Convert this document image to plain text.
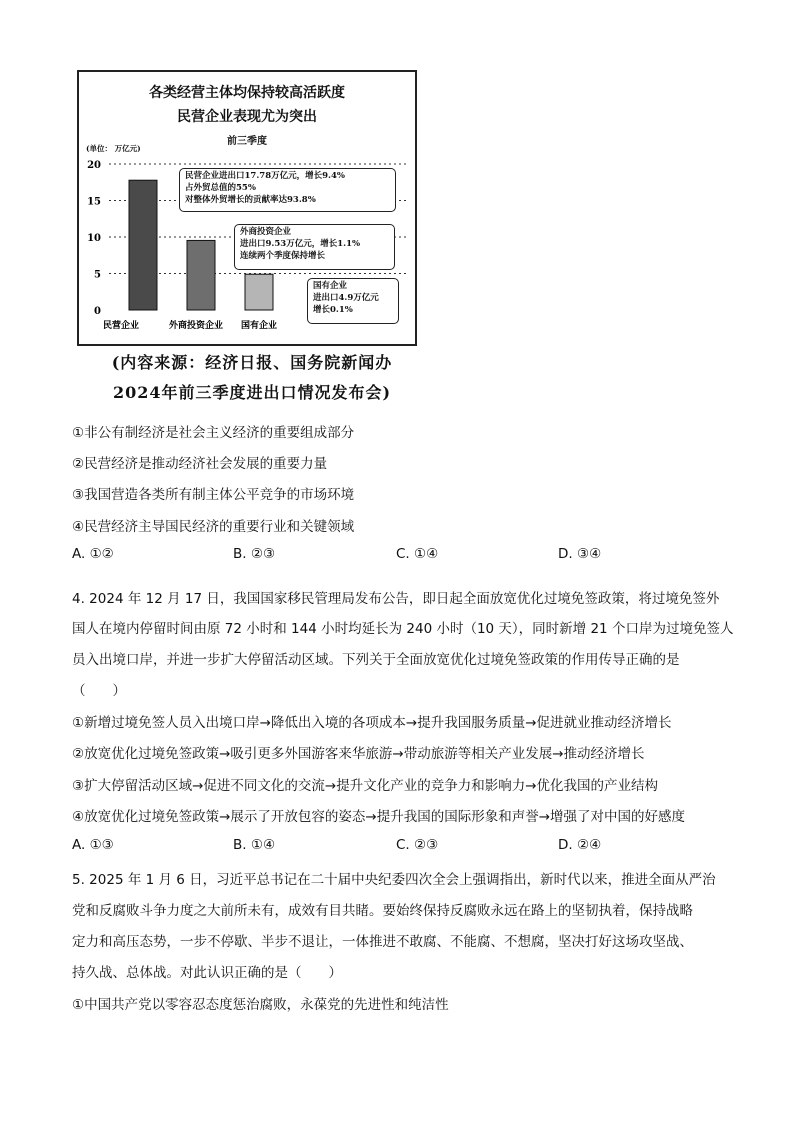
各类经营主体均保持较高活跃度
民营企业表现尤为突出
前三季度
(单位： 万亿元)
0
5
10
15
20
民营企业	外商投资企业 国有企业
民营企业进出口17.78万亿元，增长9.4%
占外贸总值的55%
对整体外贸增长的贡献率达93.8%
外商投资企业
进出口9.53万亿元，增长1.1%
连续两个季度保持增长
国有企业
进出口4.9万亿元
增长0.1%
(内容来源：经济日报、国务院新闻办
2024年前三季度进出口情况发布会)
①非公有制经济是社会主义经济的重要组成部分
②民营经济是推动经济社会发展的重要力量
③我国营造各类所有制主体公平竞争的市场环境
④民营经济主导国民经济的重要行业和关键领域
A. ①②	B. ②③	C. ①④	D. ③④
4. 2024 年 12 月 17 日，我国国家移民管理局发布公告，即日起全面放宽优化过境免签政策，将过境免签外
国人在境内停留时间由原 72 小时和 144 小时均延长为 240 小时（10 天），同时新增 21 个口岸为过境免签人
员入出境口岸，并进一步扩大停留活动区域。下列关于全面放宽优化过境免签政策的作用传导正确的是
（　　）
①新增过境免签人员入出境口岸→降低出入境的各项成本→提升我国服务质量→促进就业推动经济增长
②放宽优化过境免签政策→吸引更多外国游客来华旅游→带动旅游等相关产业发展→推动经济增长
③扩大停留活动区域→促进不同文化的交流→提升文化产业的竞争力和影响力→优化我国的产业结构
④放宽优化过境免签政策→展示了开放包容的姿态→提升我国的国际形象和声誉→增强了对中国的好感度
A. ①③	B. ①④	C. ②③	D. ②④
5. 2025 年 1 月 6 日，习近平总书记在二十届中央纪委四次全会上强调指出，新时代以来，推进全面从严治
党和反腐败斗争力度之大前所未有，成效有目共睹。要始终保持反腐败永远在路上的坚韧执着，保持战略
定力和高压态势，一步不停歇、半步不退让，一体推进不敢腐、不能腐、不想腐，坚决打好这场攻坚战、
持久战、总体战。对此认识正确的是（　　）
①中国共产党以零容忍态度惩治腐败，永葆党的先进性和纯洁性
